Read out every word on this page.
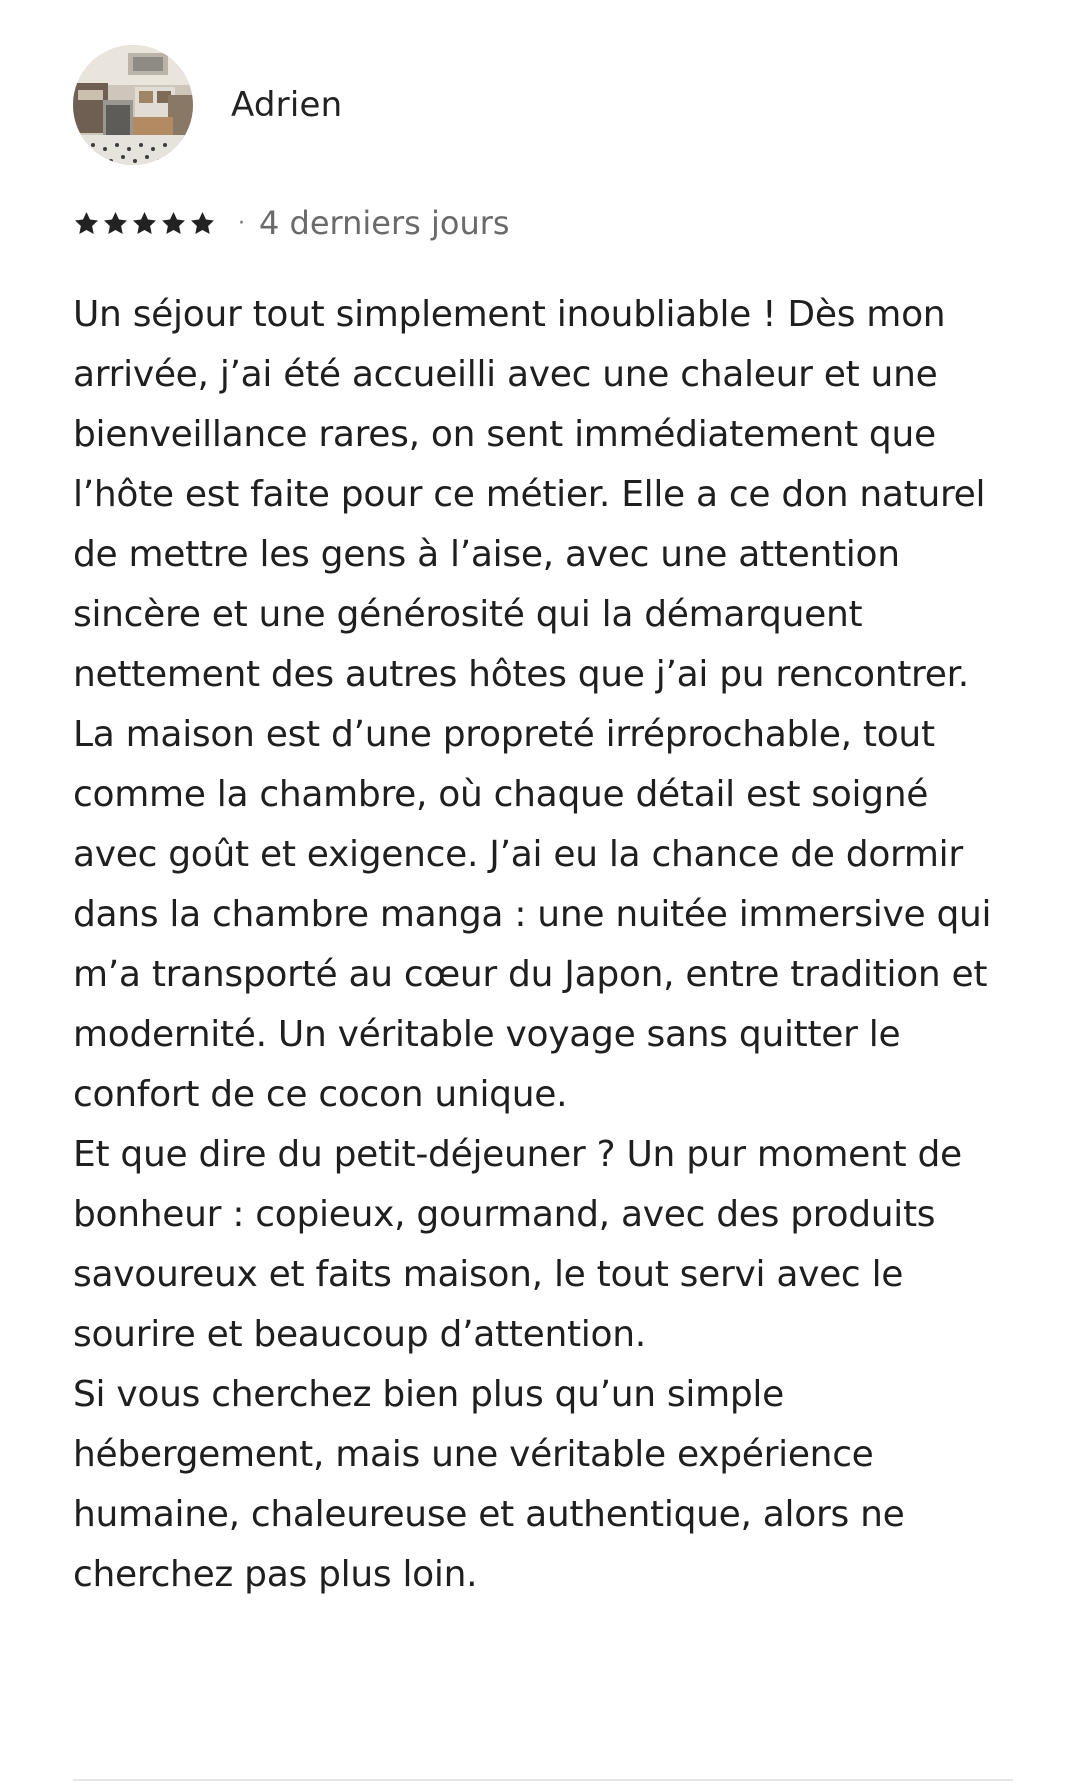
Adrien
· 4 derniers jours

Un séjour tout simplement inoubliable ! Dès mon arrivée, j’ai été accueilli avec une chaleur et une bienveillance rares, on sent immédiatement que l’hôte est faite pour ce métier. Elle a ce don naturel de mettre les gens à l’aise, avec une attention sincère et une générosité qui la démarquent nettement des autres hôtes que j’ai pu rencontrer.

La maison est d’une propreté irréprochable, tout comme la chambre, où chaque détail est soigné avec goût et exigence. J’ai eu la chance de dormir dans la chambre manga : une nuitée immersive qui m’a transporté au cœur du Japon, entre tradition et modernité. Un véritable voyage sans quitter le confort de ce cocon unique.

Et que dire du petit-déjeuner ? Un pur moment de bonheur : copieux, gourmand, avec des produits savoureux et faits maison, le tout servi avec le sourire et beaucoup d’attention.

Si vous cherchez bien plus qu’un simple hébergement, mais une véritable expérience humaine, chaleureuse et authentique, alors ne cherchez pas plus loin.
